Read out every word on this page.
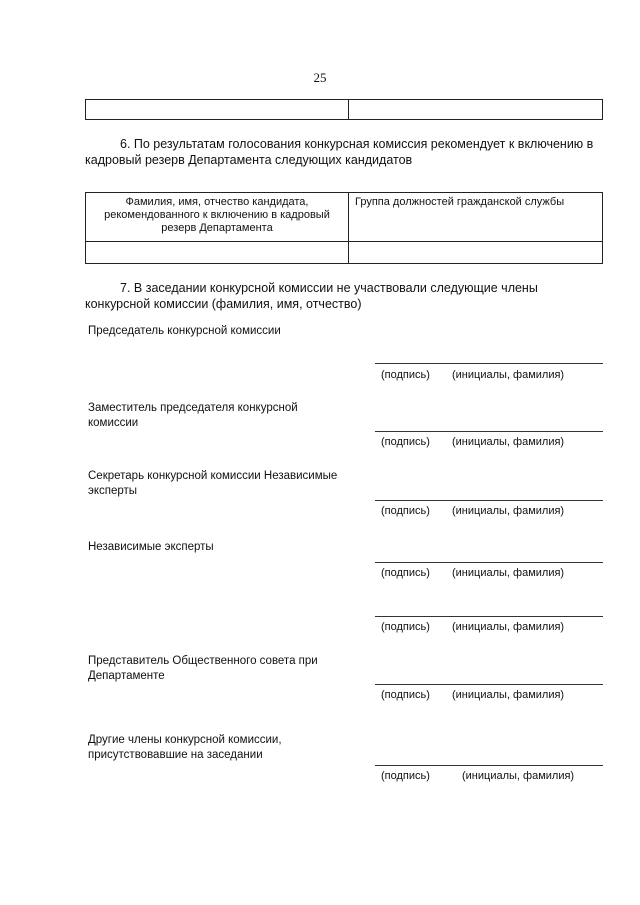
25

6. По результатам голосования конкурсная комиссия рекомендует к включению в
кадровый резерв Департамента следующих кандидатов
Фамилия, имя, отчество кандидата, рекомендованного к включению в кадровый резерв Департамента	Группа должностей гражданской службы

7. В заседании конкурсной комиссии не участвовали следующие члены
конкурсной комиссии (фамилия, имя, отчество)
Председатель конкурсной комиссии
(подпись) (инициалы, фамилия)
Заместитель председателя конкурсной комиссии
(подпись) (инициалы, фамилия)
Секретарь конкурсной комиссии Независимые эксперты
(подпись) (инициалы, фамилия)
Независимые эксперты
(подпись) (инициалы, фамилия)
(подпись) (инициалы, фамилия)
Представитель Общественного совета при Департаменте
(подпись) (инициалы, фамилия)
Другие члены конкурсной комиссии, присутствовавшие на заседании
(подпись)	(инициалы, фамилия)
